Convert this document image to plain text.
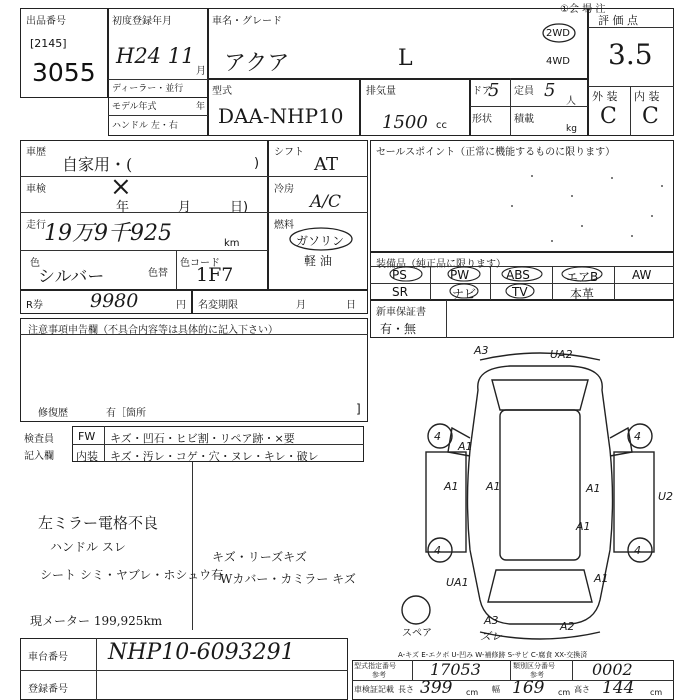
①会 場 注
出品番号
[2145]
3055
初度登録年月
H24 11
月
ディーラー・並行
モデル年式	年
ハンドル 左・右
車名・グレード
アクア	L
2WD
4WD
型式
DAA-NHP10
排気量
1500 cc
ドア
5 定員 5
人
形状 積載
kg
評 価 点
3.5
外 装 内 装
C C
車歴
自家用・(	)
車検 ×
年	月	日)
走行
19万9千925	km
色
シルバー	色替
色コード
1F7
シフト
AT
冷房
A/C
燃料
ガソリン
軽 油
R券 9980	円 名変期限	月	日
セールスポイント（正常に機能するものに限ります）
装備品（純正品に限ります）
PS	PW	ABS	エアB	AW
SR	ナビ	TV	本革
新車保証書
有・無
注意事項申告欄（不具合内容等は具体的に記入下さい）
修復歴	有［箇所	]
検査員
記入欄
FW キズ・凹石・ヒビ割・リペア跡・×要
内装 キズ・汚レ・コゲ・穴・ヌレ・キレ・破レ
左ミラー電格不良
ハンドル スレ
シート シミ・ヤブレ・ホシュウ有
キズ・リーズキズ
Wカバー・カミラー キズ
現メーター 199,925km
A3	UA2
4	4
A1
A1 A1	A1
A1
U2
4	4
UA1	A1
A3
ズレ
A2
スペア
A-キズ E-エクボ U-凹み W-補修跡 S-サビ C-腐食 XX-交換済
車台番号 NHP10-6093291
登録番号
型式指定番号
参考	17053	類別区分番号
参考	0002
車検証記載 長さ 399 cm 幅 169 cm 高さ 144 cm
